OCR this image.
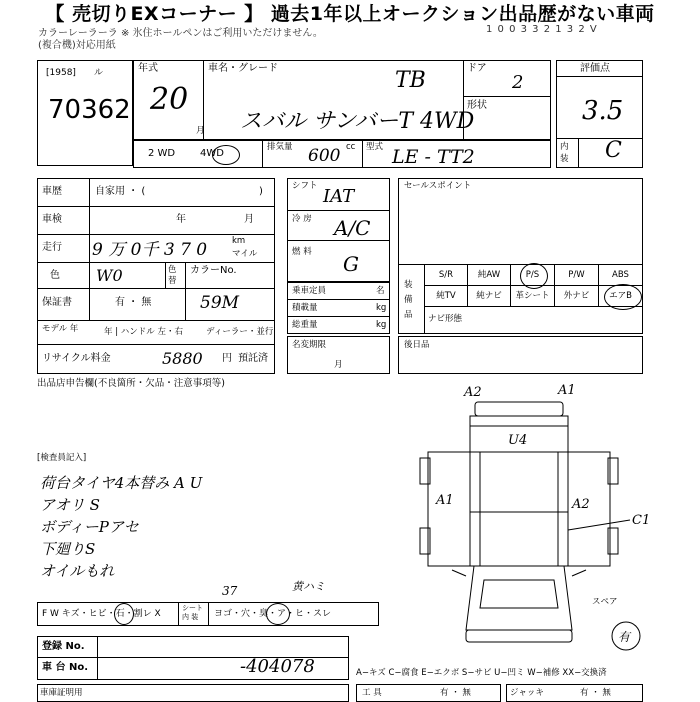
【 売切りEXコーナー 】 過去1年以上オークション出品歴がない車両
カラーレーラーラ ※ 氷住ホールペンはご利用いただけません。
(複合機)対応用紙
1 0 0 3 3 2 1 3 2 V
[1958] ル
70362
年式
20
月
車名・グレード	TB
スバル サンバーT 4WD
ドア
2
形状
評価点
3.5
内装 C
2 WD 4WD
排気量	cc
600	型式 LE - TT2
車歴	自家用 ・ (	)
車検	年	月
走行 9 万 0千 3 7 0	km
マイル
色 W0	色替
カラーNo.
保証書	有 ・ 無	59M
モデル 年	年 | ハンドル 左・右	ディーラー・並行
リサイクル料金	5880 円 預託済
シフト IAT
冷 房 A/C
燃 料 G
乗車定員	名
積載量	kg
総重量	kg
名変期限
月
セールスポイント
装備品
S/R	純AW	P/S	P/W	ABS
純TV	純ナビ	革シート	外ナビ	エアB
ナビ形態
後日品
出品店申告欄(不良箇所・欠品・注意事項等)
[検査員記入]
荷台タイヤ4本替み A U
アオリ S
ボディーPアセ
下廻りS
オイルもれ
A2	A1
U4
A1	A2
C1
スペア
有
F W キズ・ヒビ・石・割レ X
シート 内 装	ヨゴ・穴・臭・ア・ヒ・スレ
37	黄ハミ
登録 No.
車 台 No.	-404078	A−キズ C−腐食 E−エクボ S−サビ U−凹ミ W−補修 XX−交換済
車庫証明用	工 具	有 ・ 無	ジャッキ	有 ・ 無
